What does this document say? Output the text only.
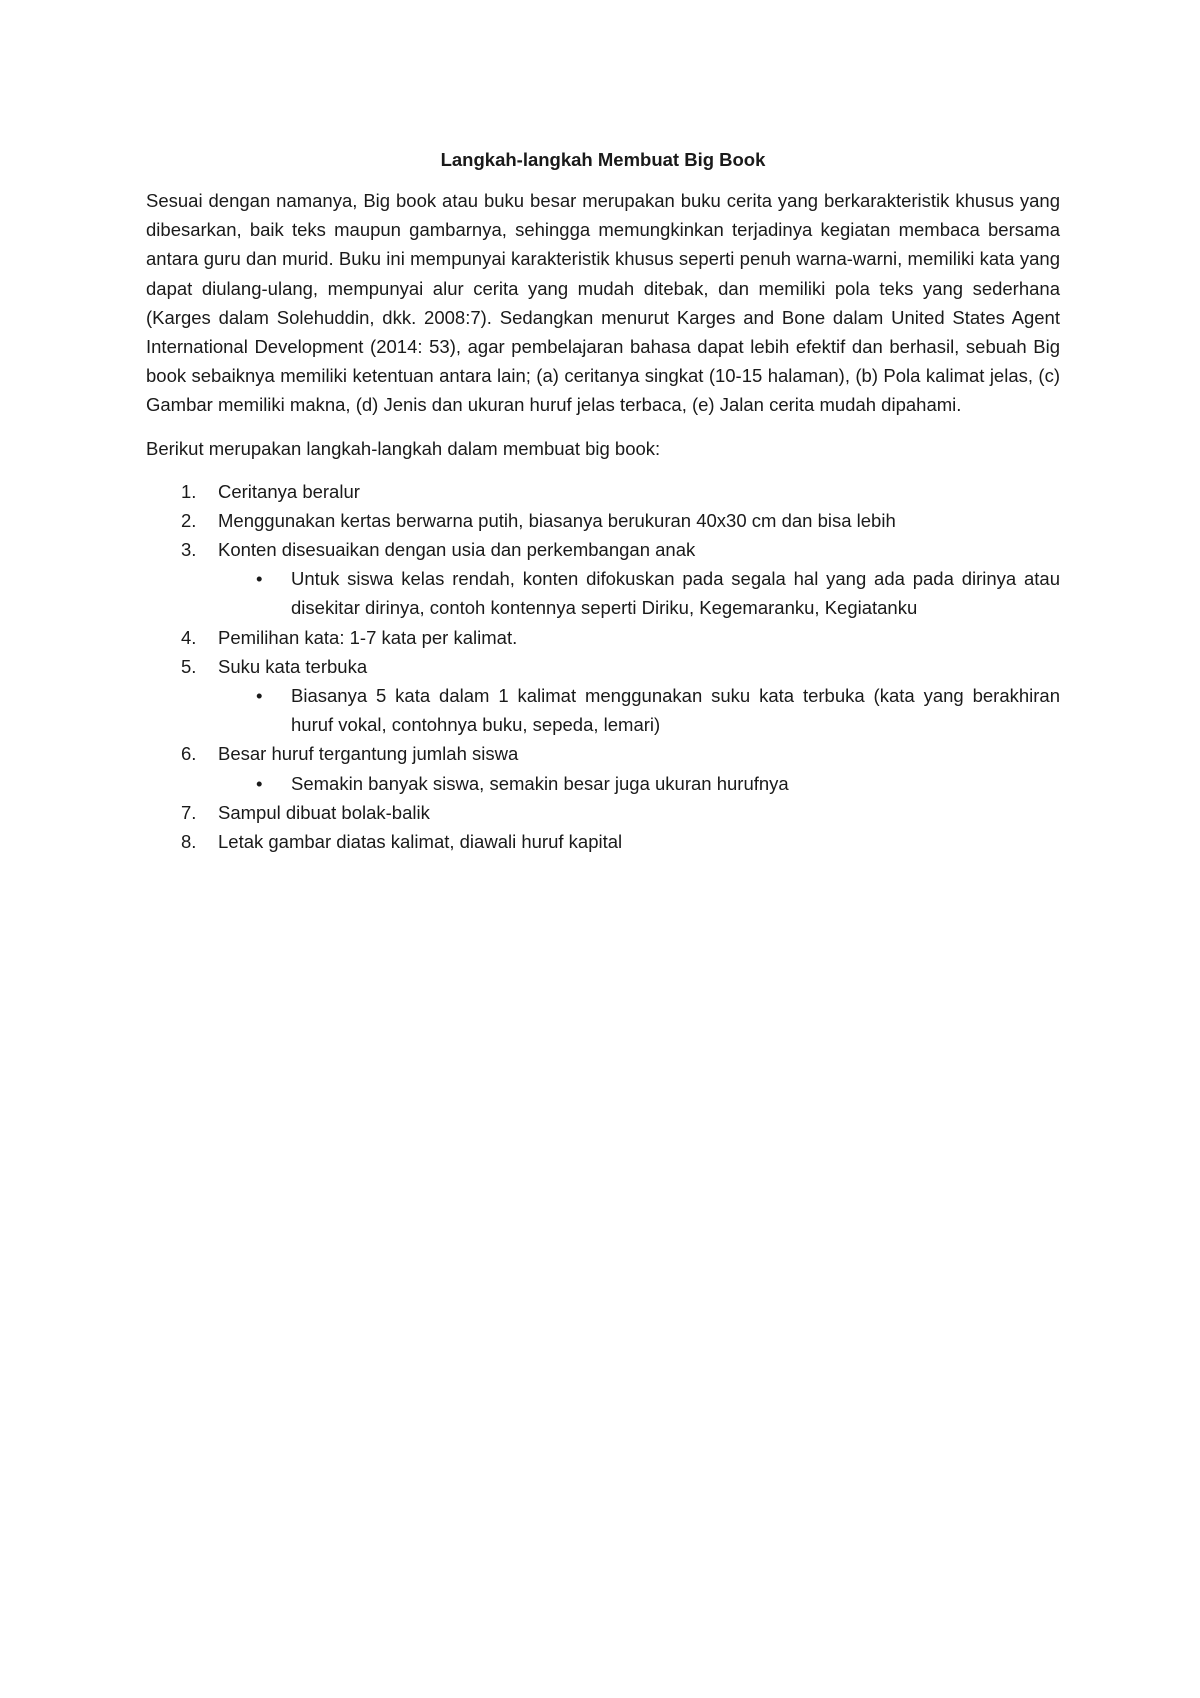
Langkah-langkah Membuat Big Book

Sesuai dengan namanya, Big book atau buku besar merupakan buku cerita yang berkarakteristik khusus yang dibesarkan, baik teks maupun gambarnya, sehingga memungkinkan terjadinya kegiatan membaca bersama antara guru dan murid. Buku ini mempunyai karakteristik khusus seperti penuh warna-warni, memiliki kata yang dapat diulang-ulang, mempunyai alur cerita yang mudah ditebak, dan memiliki pola teks yang sederhana (Karges dalam Solehuddin, dkk. 2008:7). Sedangkan menurut Karges and Bone dalam United States Agent International Development (2014: 53), agar pembelajaran bahasa dapat lebih efektif dan berhasil, sebuah Big book sebaiknya memiliki ketentuan antara lain; (a) ceritanya singkat (10-15 halaman), (b) Pola kalimat jelas, (c) Gambar memiliki makna, (d) Jenis dan ukuran huruf jelas terbaca, (e) Jalan cerita mudah dipahami.

Berikut merupakan langkah-langkah dalam membuat big book:

1. Ceritanya beralur
2. Menggunakan kertas berwarna putih, biasanya berukuran 40x30 cm dan bisa lebih
3. Konten disesuaikan dengan usia dan perkembangan anak
• Untuk siswa kelas rendah, konten difokuskan pada segala hal yang ada pada dirinya atau disekitar dirinya, contoh kontennya seperti Diriku, Kegemaranku, Kegiatanku
4. Pemilihan kata: 1-7 kata per kalimat.
5. Suku kata terbuka
• Biasanya 5 kata dalam 1 kalimat menggunakan suku kata terbuka (kata yang berakhiran huruf vokal, contohnya buku, sepeda, lemari)
6. Besar huruf tergantung jumlah siswa
• Semakin banyak siswa, semakin besar juga ukuran hurufnya
7. Sampul dibuat bolak-balik
8. Letak gambar diatas kalimat, diawali huruf kapital
